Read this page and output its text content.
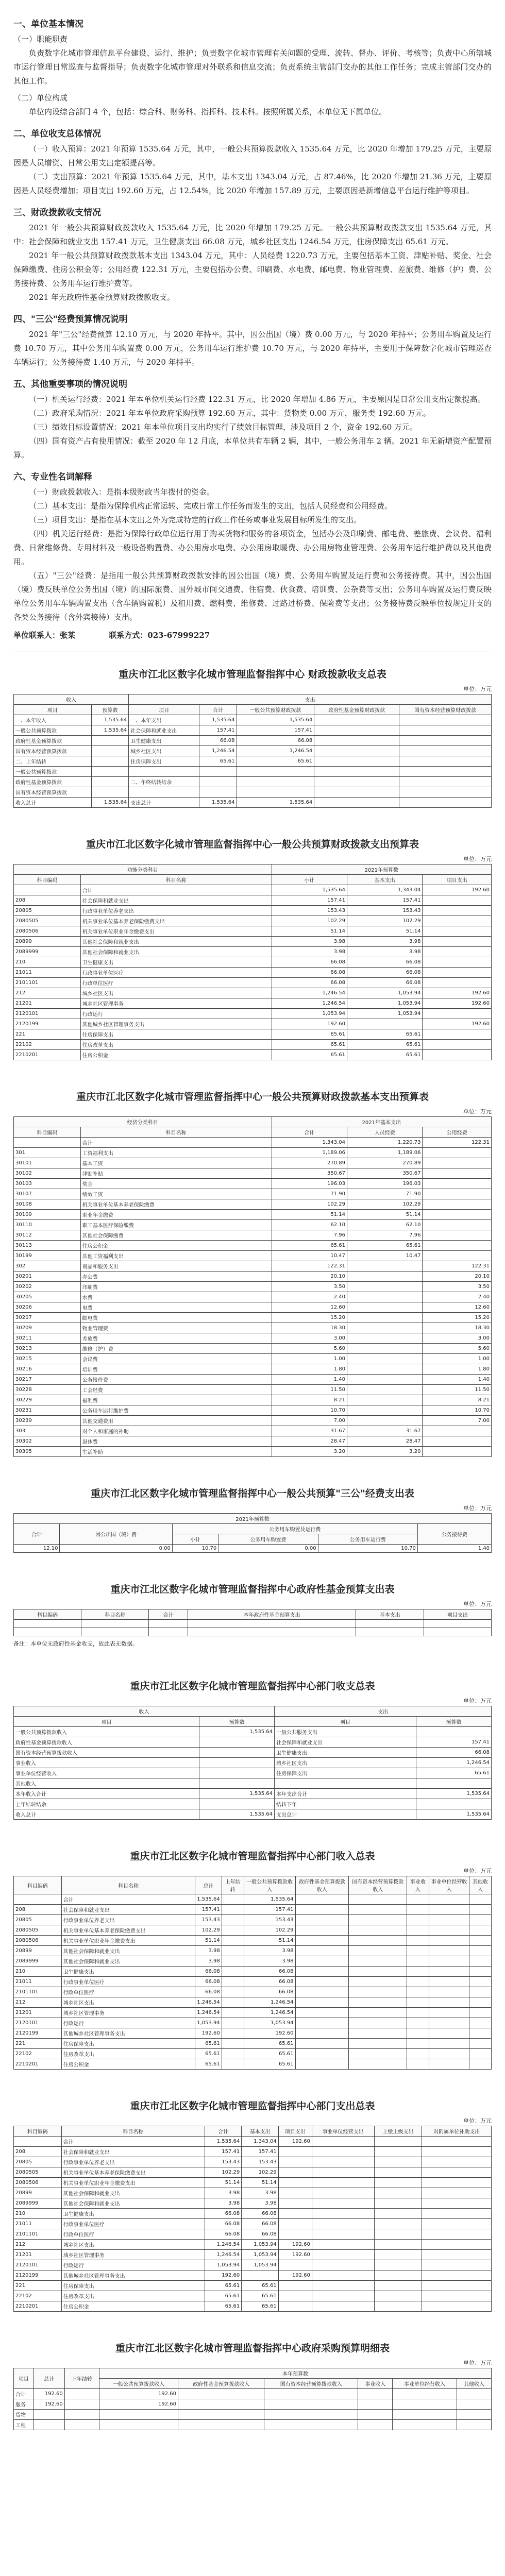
一、单位基本情况
（一）职能职责

负责数字化城市管理信息平台建设、运行、维护；负责数字化城市管理有关问题的受理、流转、督办、评价、考核等；负责中心所辖城市运行管理日常巡查与监督指导；负责数字化城市管理对外联系和信息交流；负责系统主管部门交办的其他工作任务；完成主管部门交办的其他工作。

（二）单位构成

单位内设综合部门 4 个，包括：综合科、财务科、指挥科、技术科。按照所属关系，本单位无下属单位。

二、单位收支总体情况

（一）收入预算：2021 年预算 1535.64 万元，其中，一般公共预算拨款收入 1535.64 万元，比 2020 年增加 179.25 万元，主要原因是人员增资、日常公用支出定额提高等。

（二）支出预算：2021 年预算 1535.64 万元，其中，基本支出 1343.04 万元，占 87.46%，比 2020 年增加 21.36 万元，主要原因是人员经费增加；项目支出 192.60 万元，占 12.54%，比 2020 年增加 157.89 万元，主要原因是新增信息平台运行维护等项目。

三、财政拨款收支情况

2021 年一般公共预算财政拨款收入 1535.64 万元，比 2020 年增加 179.25 万元。一般公共预算财政拨款支出 1535.64 万元，其中：社会保障和就业支出 157.41 万元，卫生健康支出 66.08 万元，城乡社区支出 1246.54 万元，住房保障支出 65.61 万元。

2021 年一般公共预算财政拨款基本支出 1343.04 万元，其中：人员经费 1220.73 万元，主要包括基本工资、津贴补贴、奖金、社会保障缴费、住房公积金等；公用经费 122.31 万元，主要包括办公费、印刷费、水电费、邮电费、物业管理费、差旅费、维修（护）费、公务接待费、公务用车运行维护费等。

2021 年无政府性基金预算财政拨款收支。

四、"三公"经费预算情况说明

2021 年"三公"经费预算 12.10 万元，与 2020 年持平。其中，因公出国（境）费 0.00 万元，与 2020 年持平；公务用车购置及运行费 10.70 万元，其中公务用车购置费 0.00 万元，公务用车运行维护费 10.70 万元，与 2020 年持平，主要用于保障数字化城市管理巡查车辆运行；公务接待费 1.40 万元，与 2020 年持平。

五、其他重要事项的情况说明

（一）机关运行经费：2021 年本单位机关运行经费 122.31 万元，比 2020 年增加 4.86 万元，主要原因是日常公用支出定额提高。

（二）政府采购情况：2021 年本单位政府采购预算 192.60 万元，其中：货物类 0.00 万元，服务类 192.60 万元。

（三）绩效目标设置情况：2021 年本单位项目支出均实行了绩效目标管理，涉及项目 2 个，资金 192.60 万元。

（四）国有资产占有使用情况：截至 2020 年 12 月底，本单位共有车辆 2 辆，其中，一般公务用车 2 辆。2021 年无新增资产配置预算。

六、专业性名词解释

（一）财政拨款收入：是指本级财政当年拨付的资金。

（二）基本支出：是指为保障机构正常运转、完成日常工作任务而发生的支出，包括人员经费和公用经费。

（三）项目支出：是指在基本支出之外为完成特定的行政工作任务或事业发展目标所发生的支出。

（四）机关运行经费：是指为保障行政单位运行用于购买货物和服务的各项资金，包括办公及印刷费、邮电费、差旅费、会议费、福利费、日常维修费、专用材料及一般设备购置费、办公用房水电费、办公用房取暖费、办公用房物业管理费、公务用车运行维护费以及其他费用。

（五）"三公"经费：是指用一般公共预算财政拨款安排的因公出国（境）费、公务用车购置及运行费和公务接待费。其中，因公出国（境）费反映单位公务出国（境）的国际旅费、国外城市间交通费、住宿费、伙食费、培训费、公杂费等支出；公务用车购置及运行费反映单位公务用车车辆购置支出（含车辆购置税）及租用费、燃料费、维修费、过路过桥费、保险费等支出；公务接待费反映单位按规定开支的各类公务接待（含外宾接待）支出。

单位联系人：张某	联系方式：023-67999227
重庆市江北区数字化城市管理监督指挥中心 财政拨款收支总表
单位：万元
收入		支出				
项目	预算数	项目	合计	一般公共预算财政拨款	政府性基金预算财政拨款	国有资本经营预算财政拨款
一、本年收入	1,535.64	一、本年支出	1,535.64	1,535.64		
一般公共预算拨款	1,535.64	社会保障和就业支出	157.41	157.41		
政府性基金预算拨款		卫生健康支出	66.08	66.08		
国有资本经营预算拨款		城乡社区支出	1,246.54	1,246.54		
二、上年结转		住房保障支出	65.61	65.61		
一般公共预算拨款						
政府性基金预算拨款		二、年终结转结余				
国有资本经营预算拨款						
收入总计	1,535.64	支出总计	1,535.64	1,535.64		
重庆市江北区数字化城市管理监督指挥中心一般公共预算财政拨款支出预算表
单位：万元
功能分类科目		2021年预算数		
科目编码	科目名称	小计	基本支出	项目支出
	合计	1,535.64	1,343.04	192.60
208	社会保障和就业支出	157.41	157.41	
20805	行政事业单位养老支出	153.43	153.43	
2080505	机关事业单位基本养老保险缴费支出	102.29	102.29	
2080506	机关事业单位职业年金缴费支出	51.14	51.14	
20899	其他社会保障和就业支出	3.98	3.98	
2089999	其他社会保障和就业支出	3.98	3.98	
210	卫生健康支出	66.08	66.08	
21011	行政事业单位医疗	66.08	66.08	
2101101	行政单位医疗	66.08	66.08	
212	城乡社区支出	1,246.54	1,053.94	192.60
21201	城乡社区管理事务	1,246.54	1,053.94	192.60
2120101	行政运行	1,053.94	1,053.94	
2120199	其他城乡社区管理事务支出	192.60		192.60
221	住房保障支出	65.61	65.61	
22102	住房改革支出	65.61	65.61	
2210201	住房公积金	65.61	65.61	
重庆市江北区数字化城市管理监督指挥中心一般公共预算财政拨款基本支出预算表
单位：万元
经济分类科目		2021年基本支出		
科目编码	科目名称	合计	人员经费	公用经费
	合计	1,343.04	1,220.73	122.31
301	工资福利支出	1,189.06	1,189.06	
30101	基本工资	270.89	270.89	
30102	津贴补贴	350.67	350.67	
30103	奖金	196.03	196.03	
30107	绩效工资	71.90	71.90	
30108	机关事业单位基本养老保险缴费	102.29	102.29	
30109	职业年金缴费	51.14	51.14	
30110	职工基本医疗保险缴费	62.10	62.10	
30112	其他社会保障缴费	7.96	7.96	
30113	住房公积金	65.61	65.61	
30199	其他工资福利支出	10.47	10.47	
302	商品和服务支出	122.31		122.31
30201	办公费	20.10		20.10
30202	印刷费	3.50		3.50
30205	水费	2.40		2.40
30206	电费	12.60		12.60
30207	邮电费	15.20		15.20
30209	物业管理费	18.30		18.30
30211	差旅费	3.00		3.00
30213	维修（护）费	5.60		5.60
30215	会议费	1.00		1.00
30216	培训费	1.80		1.80
30217	公务接待费	1.40		1.40
30228	工会经费	11.50		11.50
30229	福利费	8.21		8.21
30231	公务用车运行维护费	10.70		10.70
30239	其他交通费用	7.00		7.00
303	对个人和家庭的补助	31.67	31.67	
30302	退休费	28.47	28.47	
30305	生活补助	3.20	3.20	
重庆市江北区数字化城市管理监督指挥中心一般公共预算"三公"经费支出表
单位：万元
2021年预算数					
合计	因公出国（境）费	公务用车购置及运行费			公务接待费
		小计	公务用车购置费	公务用车运行费	
12.10	0.00	10.70	0.00	10.70	1.40
重庆市江北区数字化城市管理监督指挥中心政府性基金预算支出表
单位：万元
科目编码	科目名称	合计	本年政府性基金预算支出	基本支出	项目支出

备注：本单位无政府性基金收支，故此表无数据。
重庆市江北区数字化城市管理监督指挥中心部门收支总表
单位：万元
收入		支出	
项目	预算数	项目	预算数
一般公共预算拨款收入	1,535.64	一般公共服务支出	
政府性基金预算拨款收入		社会保障和就业支出	157.41
国有资本经营预算拨款收入		卫生健康支出	66.08
事业收入		城乡社区支出	1,246.54
事业单位经营收入		住房保障支出	65.61
其他收入			
本年收入合计	1,535.64	本年支出合计	1,535.64
上年结转结余		结转下年	
收入总计	1,535.64	支出总计	1,535.64
重庆市江北区数字化城市管理监督指挥中心部门收入总表
单位：万元
科目编码	科目名称	总计	上年结转	一般公共预算拨款收入	政府性基金预算拨款收入	国有资本经营预算拨款收入	事业收入	事业单位经营收入	其他收入
	合计	1,535.64		1,535.64					
208	社会保障和就业支出	157.41		157.41					
20805	行政事业单位养老支出	153.43		153.43					
2080505	机关事业单位基本养老保险缴费支出	102.29		102.29					
2080506	机关事业单位职业年金缴费支出	51.14		51.14					
20899	其他社会保障和就业支出	3.98		3.98					
2089999	其他社会保障和就业支出	3.98		3.98					
210	卫生健康支出	66.08		66.08					
21011	行政事业单位医疗	66.08		66.08					
2101101	行政单位医疗	66.08		66.08					
212	城乡社区支出	1,246.54		1,246.54					
21201	城乡社区管理事务	1,246.54		1,246.54					
2120101	行政运行	1,053.94		1,053.94					
2120199	其他城乡社区管理事务支出	192.60		192.60					
221	住房保障支出	65.61		65.61					
22102	住房改革支出	65.61		65.61					
2210201	住房公积金	65.61		65.61					
重庆市江北区数字化城市管理监督指挥中心部门支出总表
单位：万元
科目编码	科目名称	合计	基本支出	项目支出	事业单位经营支出	上缴上级支出	对附属单位补助支出
	合计	1,535.64	1,343.04	192.60			
208	社会保障和就业支出	157.41	157.41				
20805	行政事业单位养老支出	153.43	153.43				
2080505	机关事业单位基本养老保险缴费支出	102.29	102.29				
2080506	机关事业单位职业年金缴费支出	51.14	51.14				
20899	其他社会保障和就业支出	3.98	3.98				
2089999	其他社会保障和就业支出	3.98	3.98				
210	卫生健康支出	66.08	66.08				
21011	行政事业单位医疗	66.08	66.08				
2101101	行政单位医疗	66.08	66.08				
212	城乡社区支出	1,246.54	1,053.94	192.60			
21201	城乡社区管理事务	1,246.54	1,053.94	192.60			
2120101	行政运行	1,053.94	1,053.94				
2120199	其他城乡社区管理事务支出	192.60		192.60			
221	住房保障支出	65.61	65.61				
22102	住房改革支出	65.61	65.61				
2210201	住房公积金	65.61	65.61				
重庆市江北区数字化城市管理监督指挥中心政府采购预算明细表
单位：万元
项目	总计	上年结转	本年预算数					
			一般公共预算拨款收入	政府性基金预算拨款收入	国有资本经营预算拨款收入	事业收入	事业单位经营收入	其他收入
合计	192.60		192.60					
服务	192.60		192.60					
货物								
工程								
